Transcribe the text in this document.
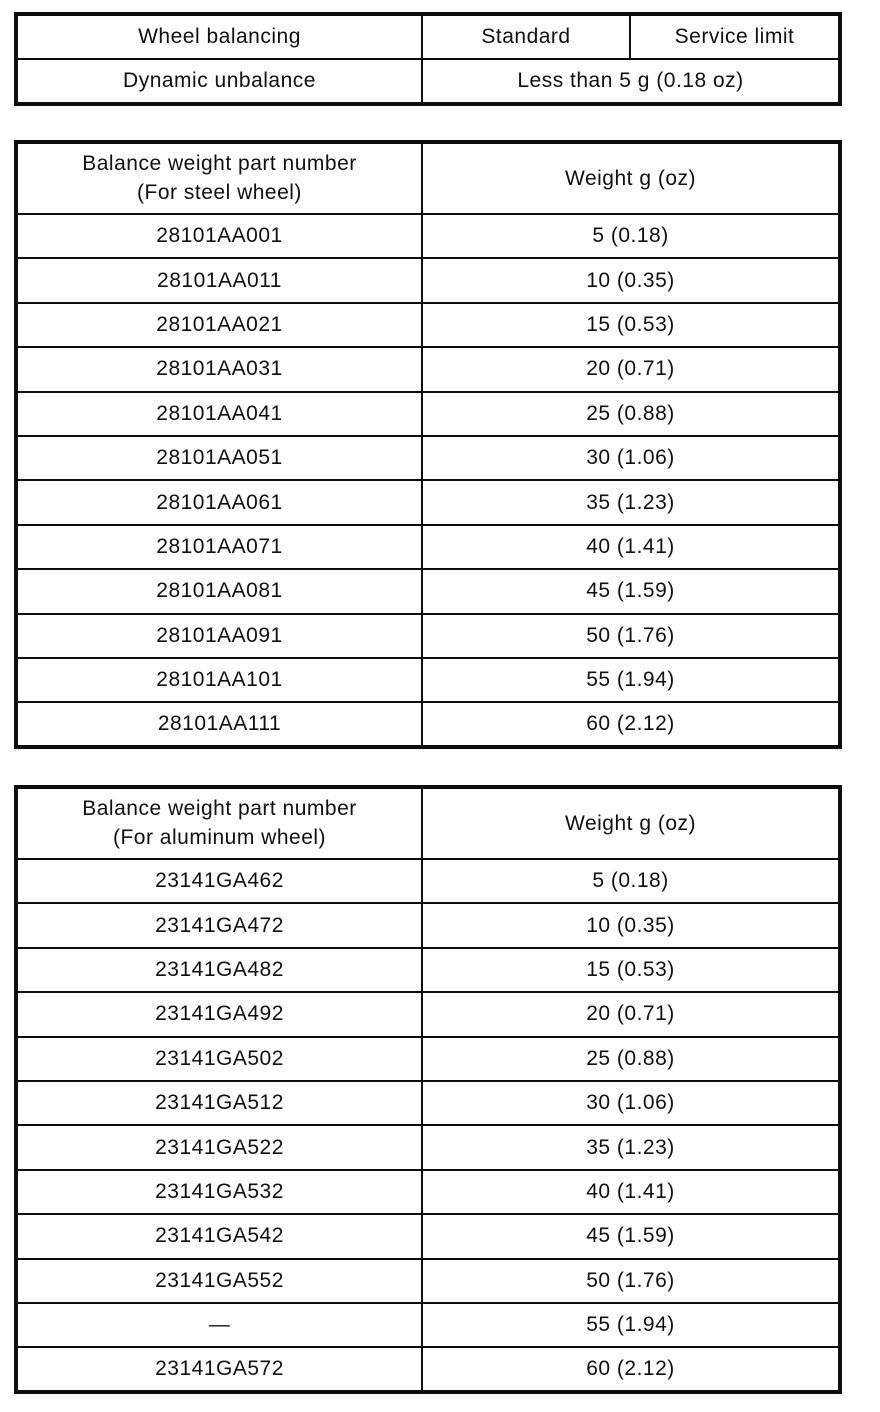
Wheel balancing	Standard	Service limit
Dynamic unbalance	Less than 5 g (0.18 oz)	
Balance weight part number
(For steel wheel)	Weight g (oz)
28101AA001	5 (0.18)
28101AA011	10 (0.35)
28101AA021	15 (0.53)
28101AA031	20 (0.71)
28101AA041	25 (0.88)
28101AA051	30 (1.06)
28101AA061	35 (1.23)
28101AA071	40 (1.41)
28101AA081	45 (1.59)
28101AA091	50 (1.76)
28101AA101	55 (1.94)
28101AA111	60 (2.12)
Balance weight part number
(For aluminum wheel)	Weight g (oz)
23141GA462	5 (0.18)
23141GA472	10 (0.35)
23141GA482	15 (0.53)
23141GA492	20 (0.71)
23141GA502	25 (0.88)
23141GA512	30 (1.06)
23141GA522	35 (1.23)
23141GA532	40 (1.41)
23141GA542	45 (1.59)
23141GA552	50 (1.76)
—	55 (1.94)
23141GA572	60 (2.12)
